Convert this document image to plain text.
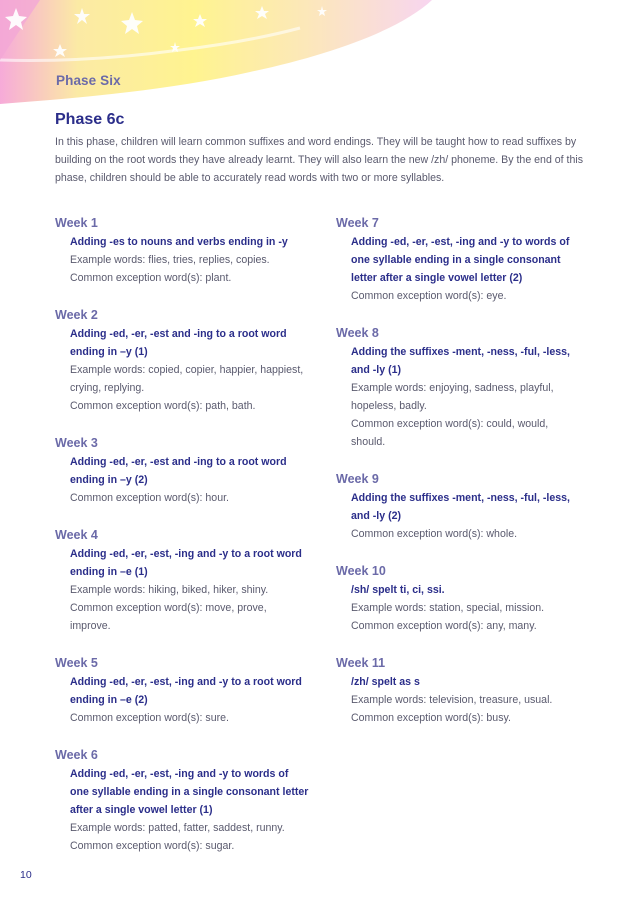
Phase Six
Phase 6c
In this phase, children will learn common suffixes and word endings. They will be taught how to read suffixes by building on the root words they have already learnt. They will also learn the new /zh/ phoneme. By the end of this phase, children should be able to accurately read words with two or more syllables.
Week 1
Adding -es to nouns and verbs ending in -y
Example words: flies, tries, replies, copies.
Common exception word(s): plant.
Week 2
Adding -ed, -er, -est and -ing to a root word ending in –y (1)
Example words: copied, copier, happier, happiest, crying, replying.
Common exception word(s): path, bath.
Week 3
Adding -ed, -er, -est and -ing to a root word ending in –y (2)
Common exception word(s): hour.
Week 4
Adding -ed, -er, -est, -ing and -y to a root word ending in –e (1)
Example words: hiking, biked, hiker, shiny.
Common exception word(s): move, prove, improve.
Week 5
Adding -ed, -er, -est, -ing and -y to a root word ending in –e (2)
Common exception word(s): sure.
Week 6
Adding -ed, -er, -est, -ing and -y to words of one syllable ending in a single consonant letter after a single vowel letter (1)
Example words: patted, fatter, saddest, runny.
Common exception word(s): sugar.
Week 7
Adding -ed, -er, -est, -ing and -y to words of one syllable ending in a single consonant letter after a single vowel letter (2)
Common exception word(s): eye.
Week 8
Adding the suffixes -ment, -ness, -ful, -less, and -ly (1)
Example words: enjoying, sadness, playful, hopeless, badly.
Common exception word(s): could, would, should.
Week 9
Adding the suffixes -ment, -ness, -ful, -less, and -ly (2)
Common exception word(s): whole.
Week 10
/sh/ spelt ti, ci, ssi.
Example words: station, special, mission.
Common exception word(s): any, many.
Week 11
/zh/ spelt as s
Example words: television, treasure, usual.
Common exception word(s): busy.
10
